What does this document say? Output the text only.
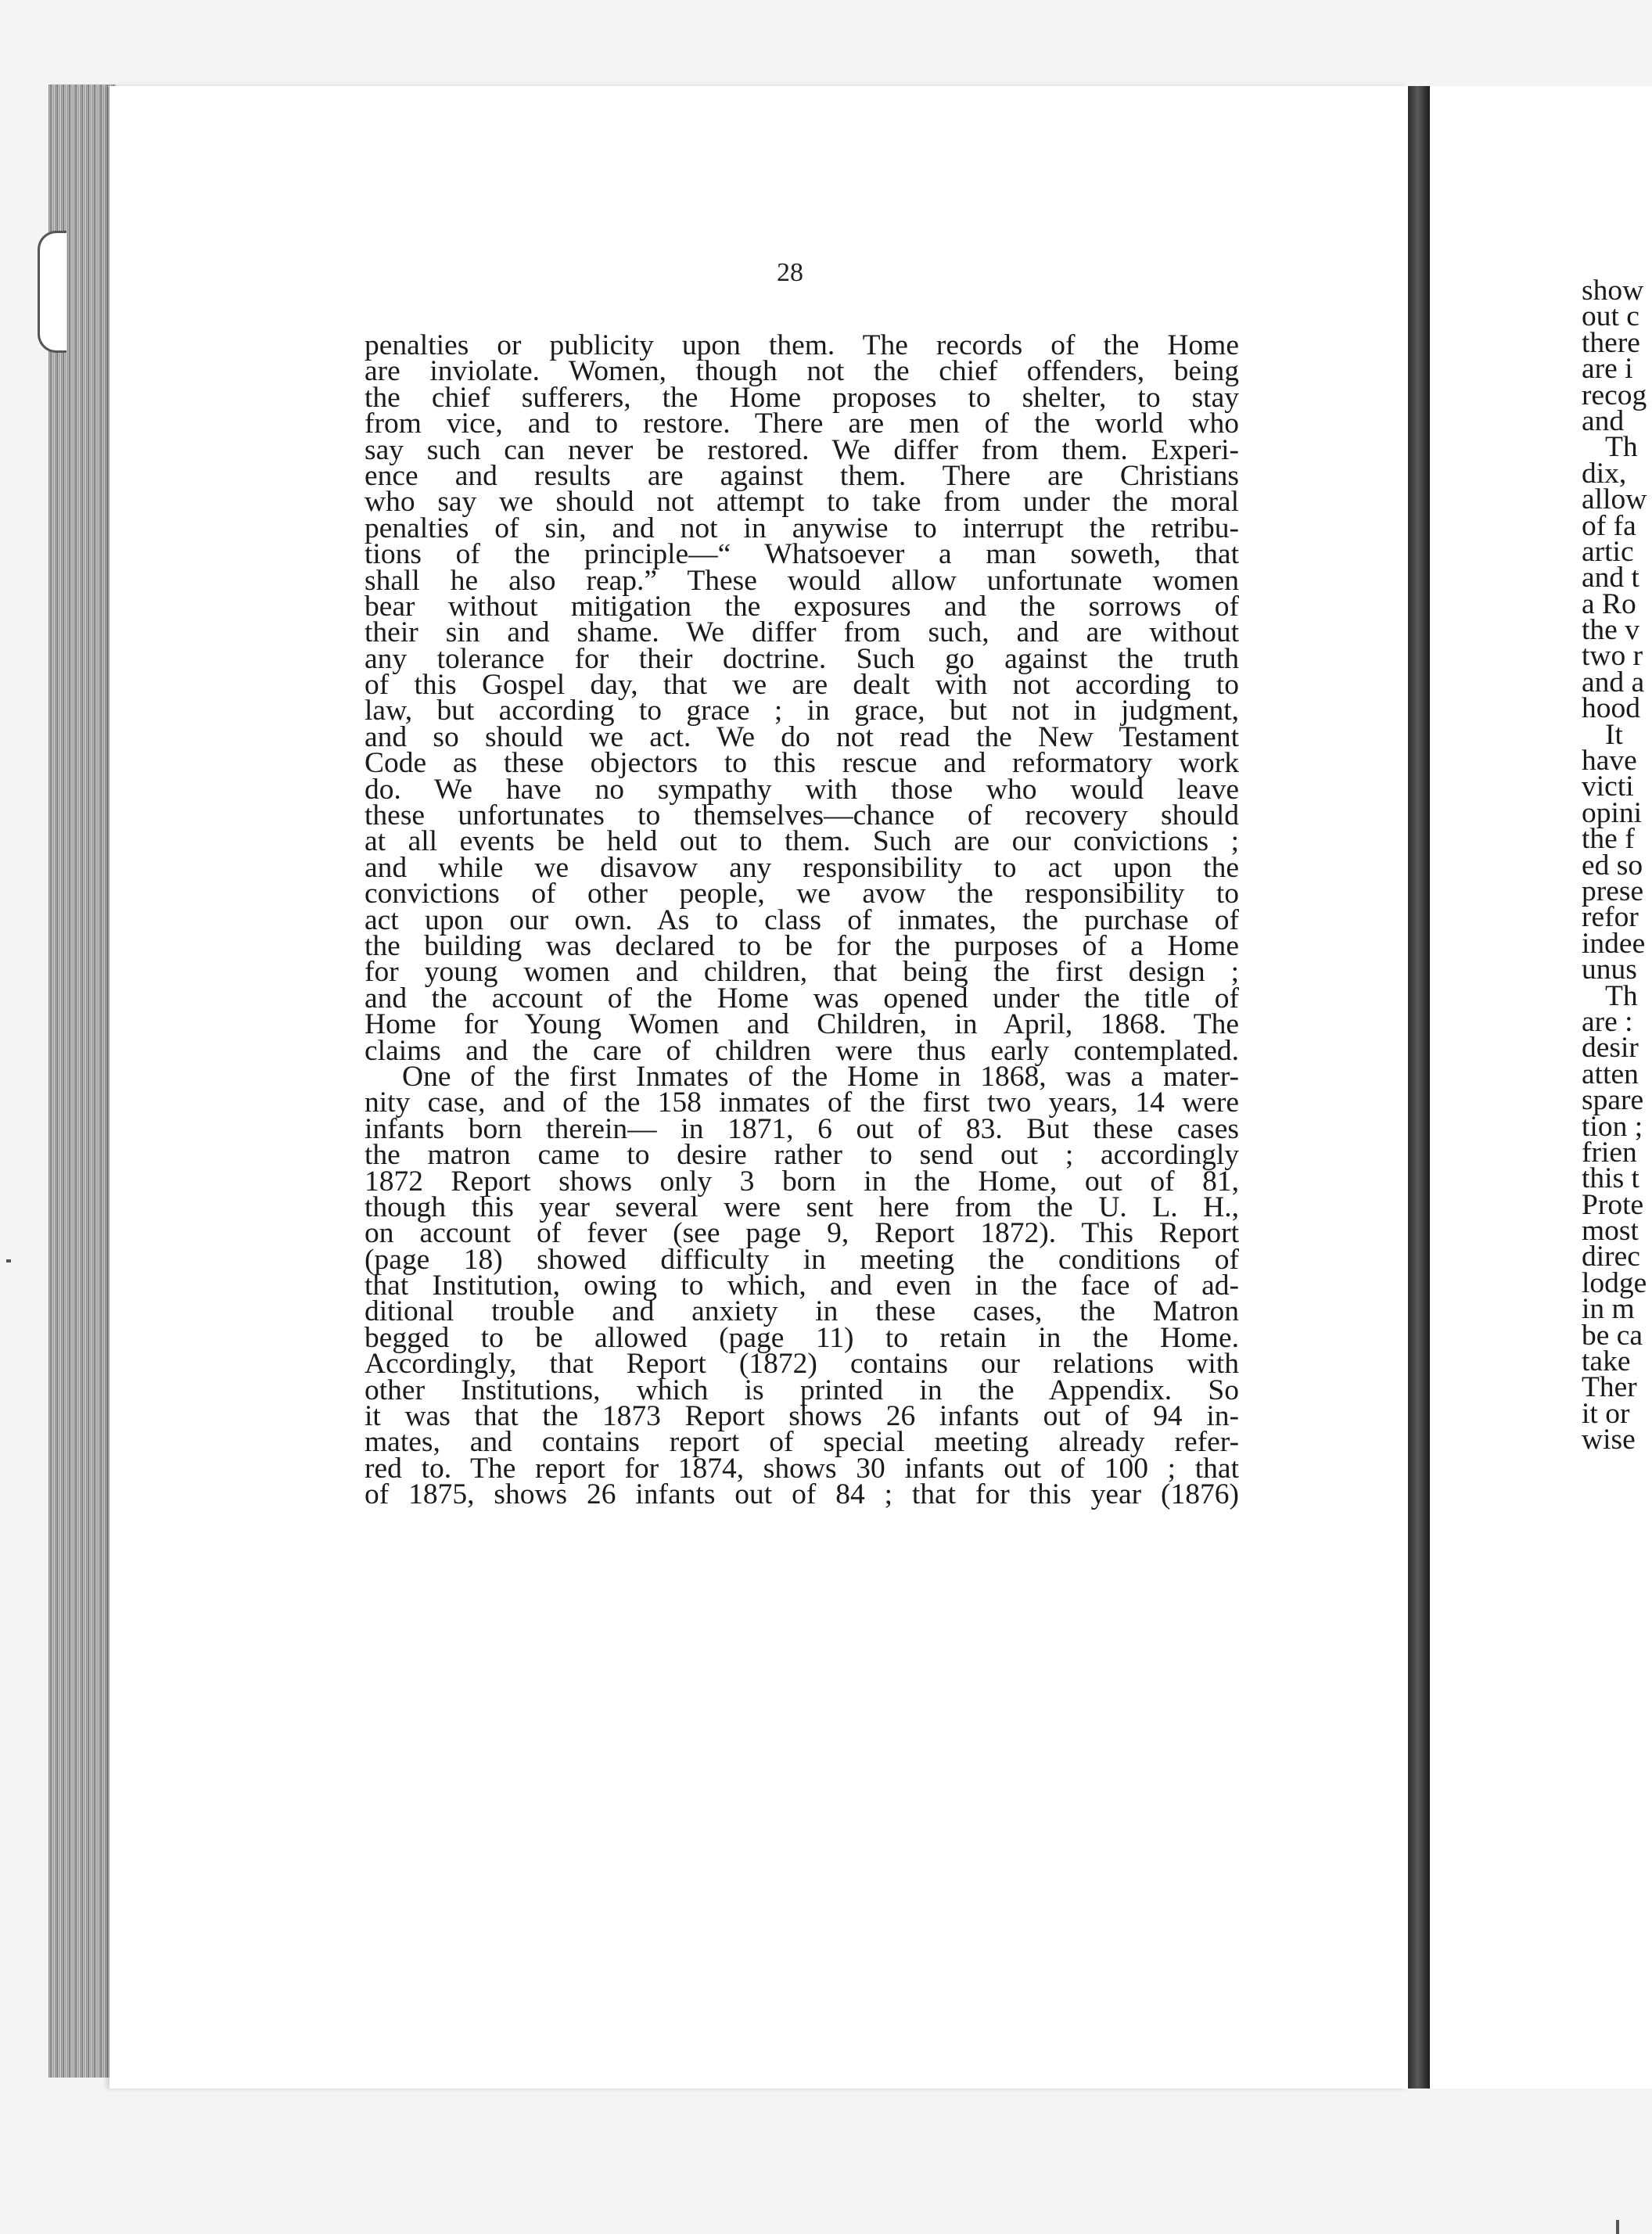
28
penalties or publicity upon them. The records of the Home
are inviolate. Women, though not the chief offenders, being
the chief sufferers, the Home proposes to shelter, to stay
from vice, and to restore. There are men of the world who
say such can never be restored. We differ from them. Experi-
ence and results are against them. There are Christians
who say we should not attempt to take from under the moral
penalties of sin, and not in anywise to interrupt the retribu-
tions of the principle—“ Whatsoever a man soweth, that
shall he also reap.” These would allow unfortunate women
bear without mitigation the exposures and the sorrows of
their sin and shame. We differ from such, and are without
any tolerance for their doctrine. Such go against the truth
of this Gospel day, that we are dealt with not according to
law, but according to grace ; in grace, but not in judgment,
and so should we act. We do not read the New Testament
Code as these objectors to this rescue and reformatory work
do. We have no sympathy with those who would leave
these unfortunates to themselves—chance of recovery should
at all events be held out to them. Such are our convictions ;
and while we disavow any responsibility to act upon the
convictions of other people, we avow the responsibility to
act upon our own. As to class of inmates, the purchase of
the building was declared to be for the purposes of a Home
for young women and children, that being the first design ;
and the account of the Home was opened under the title of
Home for Young Women and Children, in April, 1868. The
claims and the care of children were thus early contemplated.
One of the first Inmates of the Home in 1868, was a mater-
nity case, and of the 158 inmates of the first two years, 14 were
infants born therein— in 1871, 6 out of 83. But these cases
the matron came to desire rather to send out ; accordingly
1872 Report shows only 3 born in the Home, out of 81,
though this year several were sent here from the U. L. H.,
on account of fever (see page 9, Report 1872). This Report
(page 18) showed difficulty in meeting the conditions of
that Institution, owing to which, and even in the face of ad-
ditional trouble and anxiety in these cases, the Matron
begged to be allowed (page 11) to retain in the Home.
Accordingly, that Report (1872) contains our relations with
other Institutions, which is printed in the Appendix. So
it was that the 1873 Report shows 26 infants out of 94 in-
mates, and contains report of special meeting already refer-
red to. The report for 1874, shows 30 infants out of 100 ; that
of 1875, shows 26 infants out of 84 ; that for this year (1876)
show
out c
there
are i
recog
and
Th
dix,
allow
of fa
artic
and t
a Ro
the v
two r
and a
hood
It
have
victi
opini
the f
ed so
prese
refor
indee
unus
Th
are :
desir
atten
spare
tion ;
frien
this t
Prote
most
direc
lodge
in m
be ca
take
Ther
it or
wise
